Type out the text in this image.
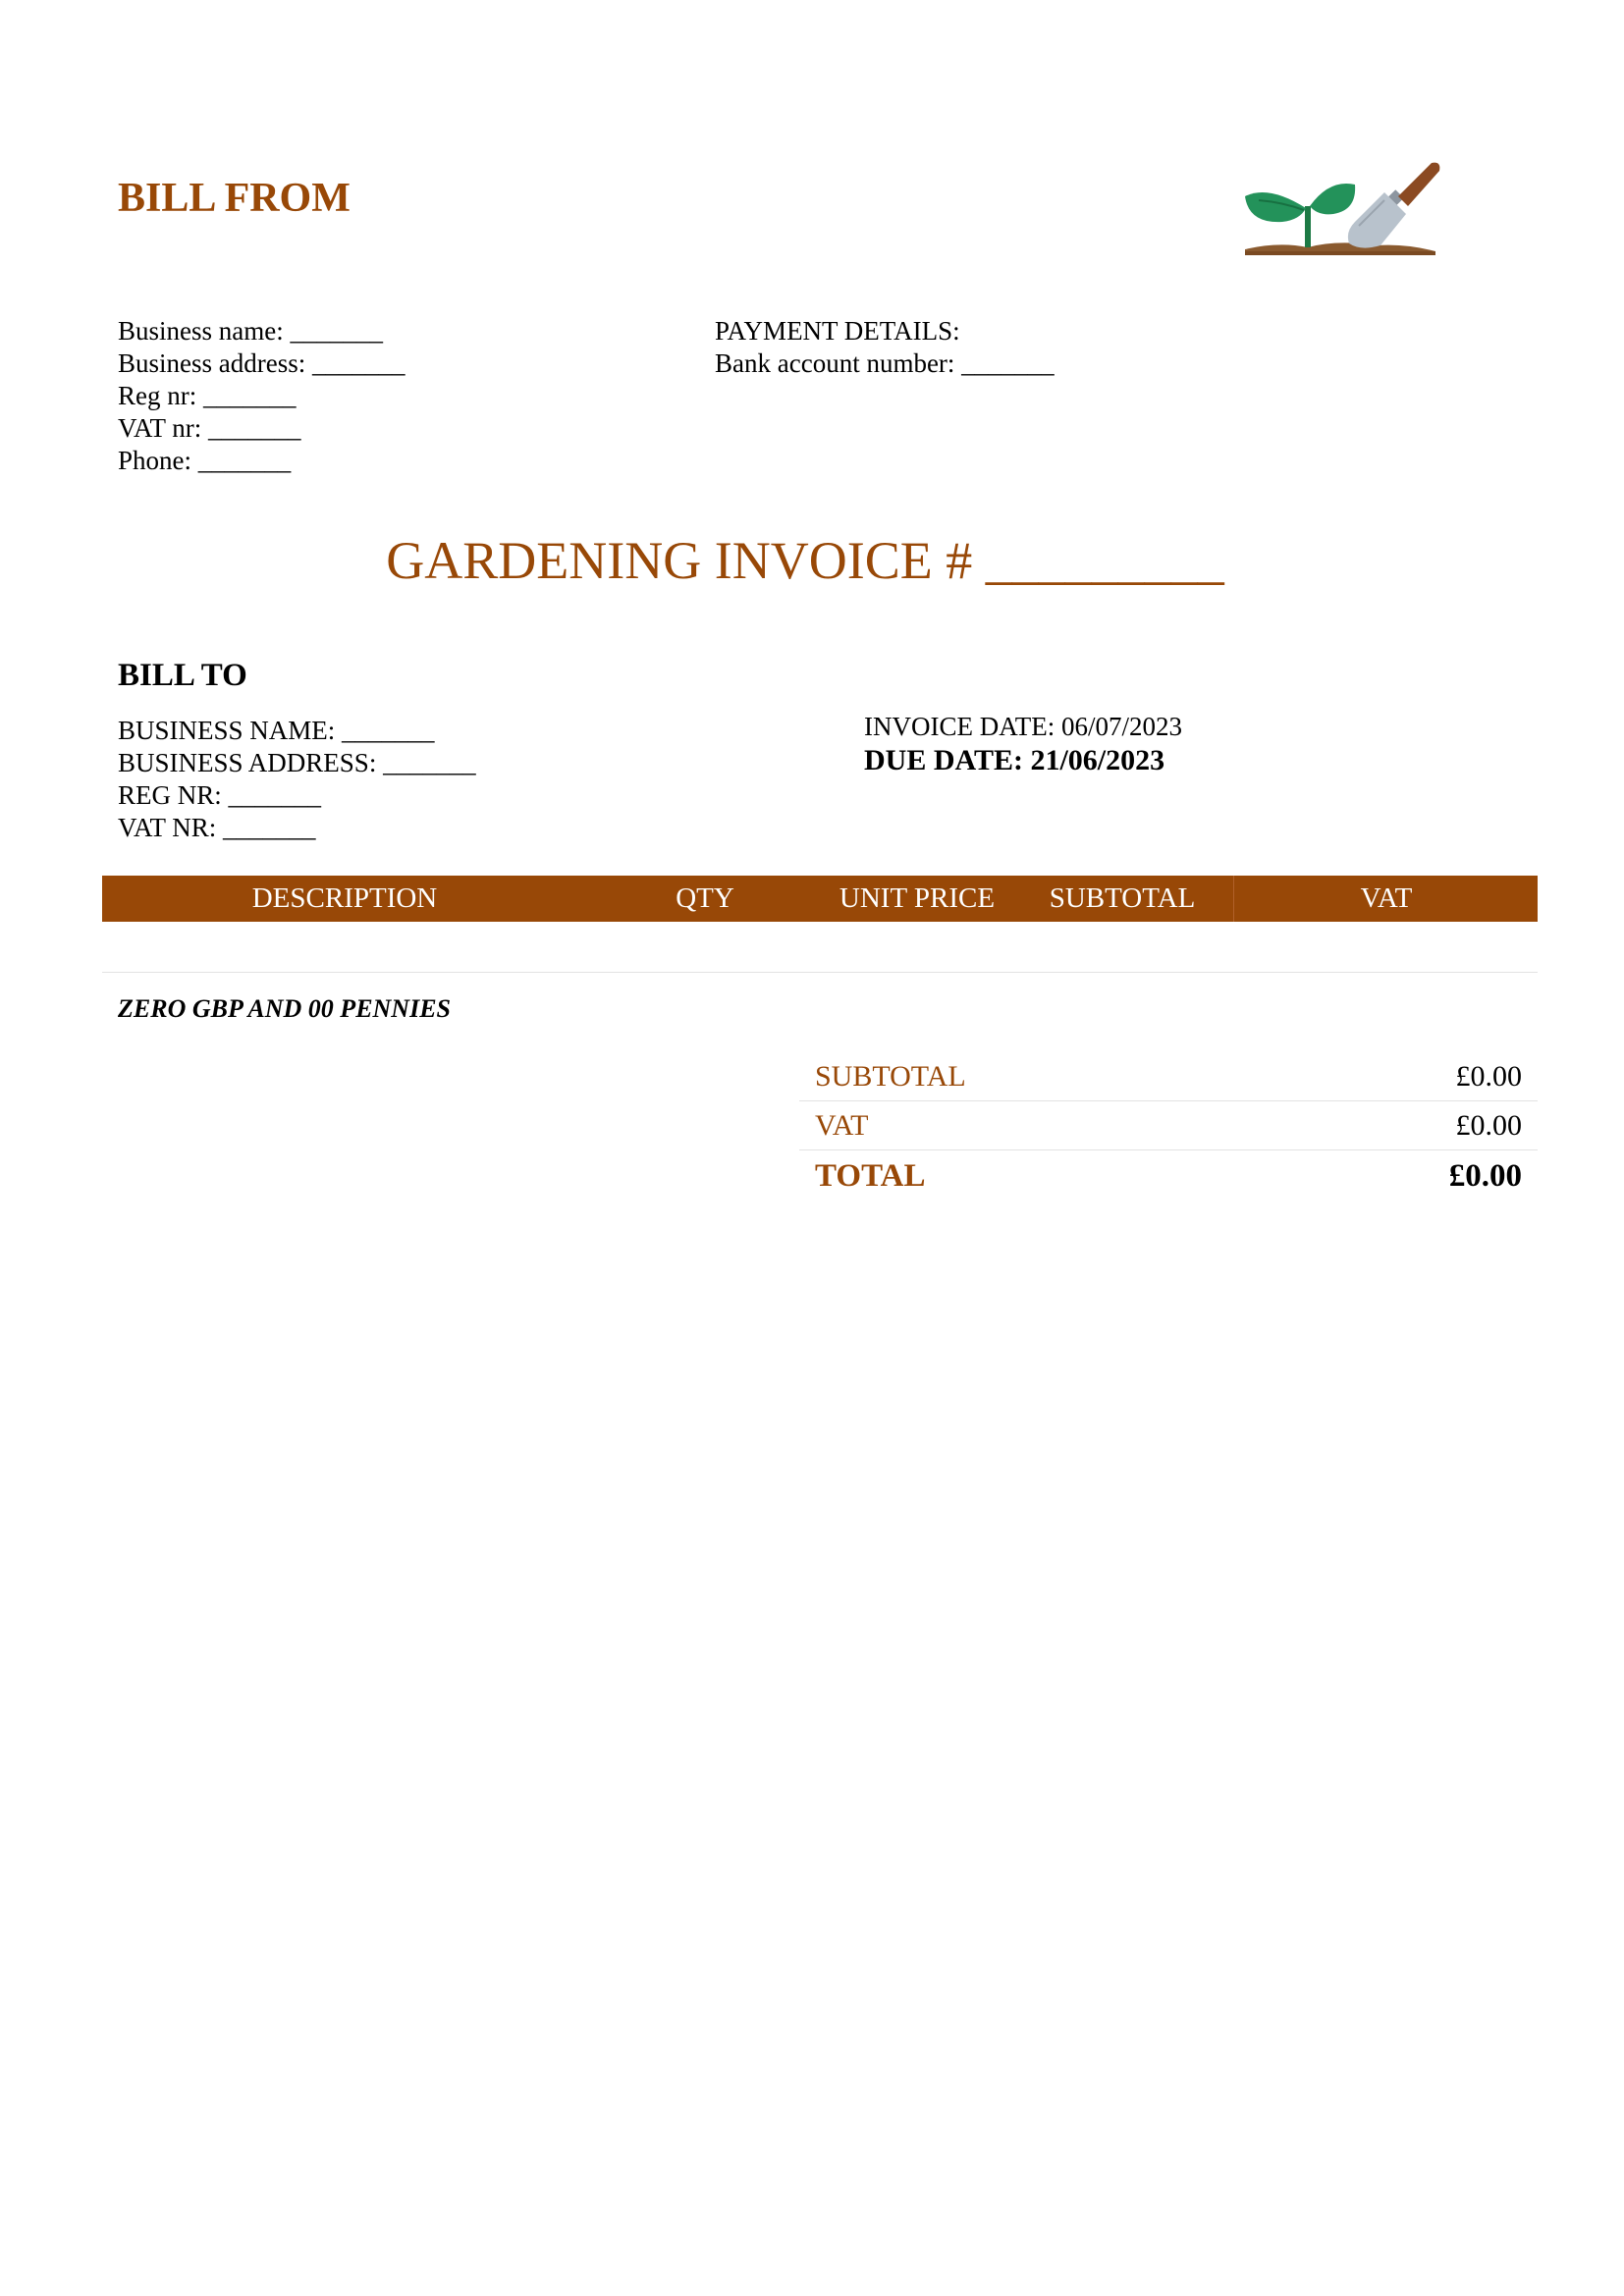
BILL FROM
Business name: _______
Business address: _______
Reg nr: _______
VAT nr: _______
Phone: _______
PAYMENT DETAILS:
Bank account number: _______
GARDENING INVOICE # _________
BILL TO
BUSINESS NAME: _______
BUSINESS ADDRESS: _______
REG NR: _______
VAT NR: _______
INVOICE DATE: 06/07/2023
DUE DATE: 21/06/2023
DESCRIPTION	QTY	UNIT PRICE	SUBTOTAL	VAT
ZERO GBP AND 00 PENNIES
SUBTOTAL	£0.00
VAT	£0.00
TOTAL	£0.00
